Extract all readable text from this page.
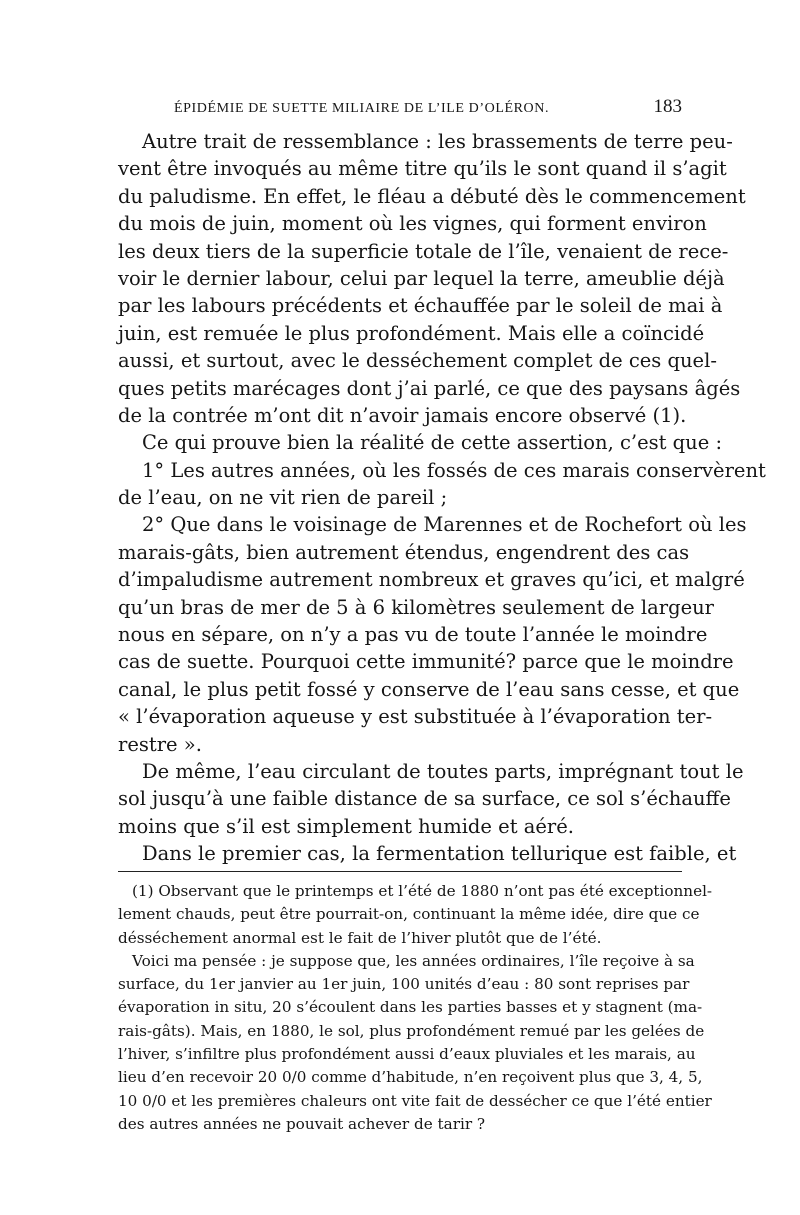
ÉPIDÉMIE DE SUETTE MILIAIRE DE L’ILE D’OLÉRON.	183
Autre trait de ressemblance : les brassements de terre peu-
vent être invoqués au même titre qu’ils le sont quand il s’agit
du paludisme. En effet, le fléau a débuté dès le commencement
du mois de juin, moment où les vignes, qui forment environ
les deux tiers de la superficie totale de l’île, venaient de rece-
voir le dernier labour, celui par lequel la terre, ameublie déjà
par les labours précédents et échauffée par le soleil de mai à
juin, est remuée le plus profondément. Mais elle a coïncidé
aussi, et surtout, avec le desséchement complet de ces quel-
ques petits marécages dont j’ai parlé, ce que des paysans âgés
de la contrée m’ont dit n’avoir jamais encore observé (1).
Ce qui prouve bien la réalité de cette assertion, c’est que :
1° Les autres années, où les fossés de ces marais conservèrent
de l’eau, on ne vit rien de pareil ;
2° Que dans le voisinage de Marennes et de Rochefort où les
marais-gâts, bien autrement étendus, engendrent des cas
d’impaludisme autrement nombreux et graves qu’ici, et malgré
qu’un bras de mer de 5 à 6 kilomètres seulement de largeur
nous en sépare, on n’y a pas vu de toute l’année le moindre
cas de suette. Pourquoi cette immunité? parce que le moindre
canal, le plus petit fossé y conserve de l’eau sans cesse, et que
« l’évaporation aqueuse y est substituée à l’évaporation ter-
restre ».
De même, l’eau circulant de toutes parts, imprégnant tout le
sol jusqu’à une faible distance de sa surface, ce sol s’échauffe
moins que s’il est simplement humide et aéré.
Dans le premier cas, la fermentation tellurique est faible, et
(1) Observant que le printemps et l’été de 1880 n’ont pas été exceptionnel-
lement chauds, peut être pourrait-on, continuant la même idée, dire que ce
désséchement anormal est le fait de l’hiver plutôt que de l’été.
Voici ma pensée : je suppose que, les années ordinaires, l’île reçoive à sa
surface, du 1er janvier au 1er juin, 100 unités d’eau : 80 sont reprises par
évaporation in situ, 20 s’écoulent dans les parties basses et y stagnent (ma-
rais-gâts). Mais, en 1880, le sol, plus profondément remué par les gelées de
l’hiver, s’infiltre plus profondément aussi d’eaux pluviales et les marais, au
lieu d’en recevoir 20 0/0 comme d’habitude, n’en reçoivent plus que 3, 4, 5,
10 0/0 et les premières chaleurs ont vite fait de dessécher ce que l’été entier
des autres années ne pouvait achever de tarir ?
